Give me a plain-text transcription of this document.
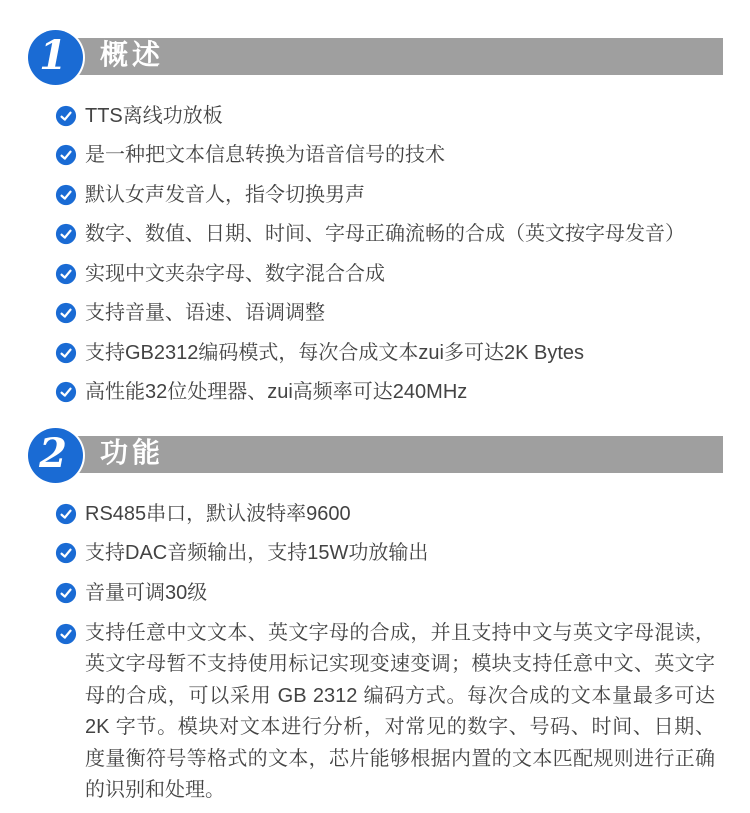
概述
1
TTS离线功放板
是一种把文本信息转换为语音信号的技术
默认女声发音人，指令切换男声
数字、数值、日期、时间、字母正确流畅的合成（英文按字母发音）
实现中文夹杂字母、数字混合合成
支持音量、语速、语调调整
支持GB2312编码模式，每次合成文本zui多可达2K Bytes
高性能32位处理器、zui高频率可达240MHz
功能
2
RS485串口，默认波特率9600
支持DAC音频输出，支持15W功放输出
音量可调30级
支持任意中文文本、英文字母的合成，并且支持中文与英文字母混读，英文字母暂不支持使用标记实现变速变调；模块支持任意中文、英文字母的合成，可以采用 GB 2312 编码方式。每次合成的文本量最多可达2K 字节。模块对文本进行分析，对常见的数字、号码、时间、日期、度量衡符号等格式的文本，芯片能够根据内置的文本匹配规则进行正确的识别和处理。
